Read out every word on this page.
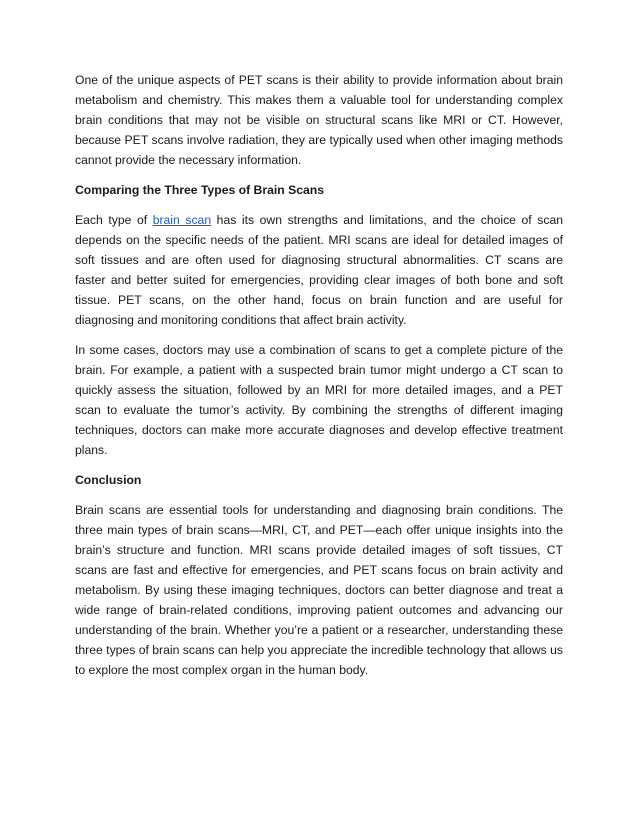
One of the unique aspects of PET scans is their ability to provide information about brain metabolism and chemistry. This makes them a valuable tool for understanding complex brain conditions that may not be visible on structural scans like MRI or CT. However, because PET scans involve radiation, they are typically used when other imaging methods cannot provide the necessary information.

Comparing the Three Types of Brain Scans

Each type of brain scan has its own strengths and limitations, and the choice of scan depends on the specific needs of the patient. MRI scans are ideal for detailed images of soft tissues and are often used for diagnosing structural abnormalities. CT scans are faster and better suited for emergencies, providing clear images of both bone and soft tissue. PET scans, on the other hand, focus on brain function and are useful for diagnosing and monitoring conditions that affect brain activity.

In some cases, doctors may use a combination of scans to get a complete picture of the brain. For example, a patient with a suspected brain tumor might undergo a CT scan to quickly assess the situation, followed by an MRI for more detailed images, and a PET scan to evaluate the tumor’s activity. By combining the strengths of different imaging techniques, doctors can make more accurate diagnoses and develop effective treatment plans.

Conclusion

Brain scans are essential tools for understanding and diagnosing brain conditions. The three main types of brain scans—MRI, CT, and PET—each offer unique insights into the brain’s structure and function. MRI scans provide detailed images of soft tissues, CT scans are fast and effective for emergencies, and PET scans focus on brain activity and metabolism. By using these imaging techniques, doctors can better diagnose and treat a wide range of brain-related conditions, improving patient outcomes and advancing our understanding of the brain. Whether you’re a patient or a researcher, understanding these three types of brain scans can help you appreciate the incredible technology that allows us to explore the most complex organ in the human body.
